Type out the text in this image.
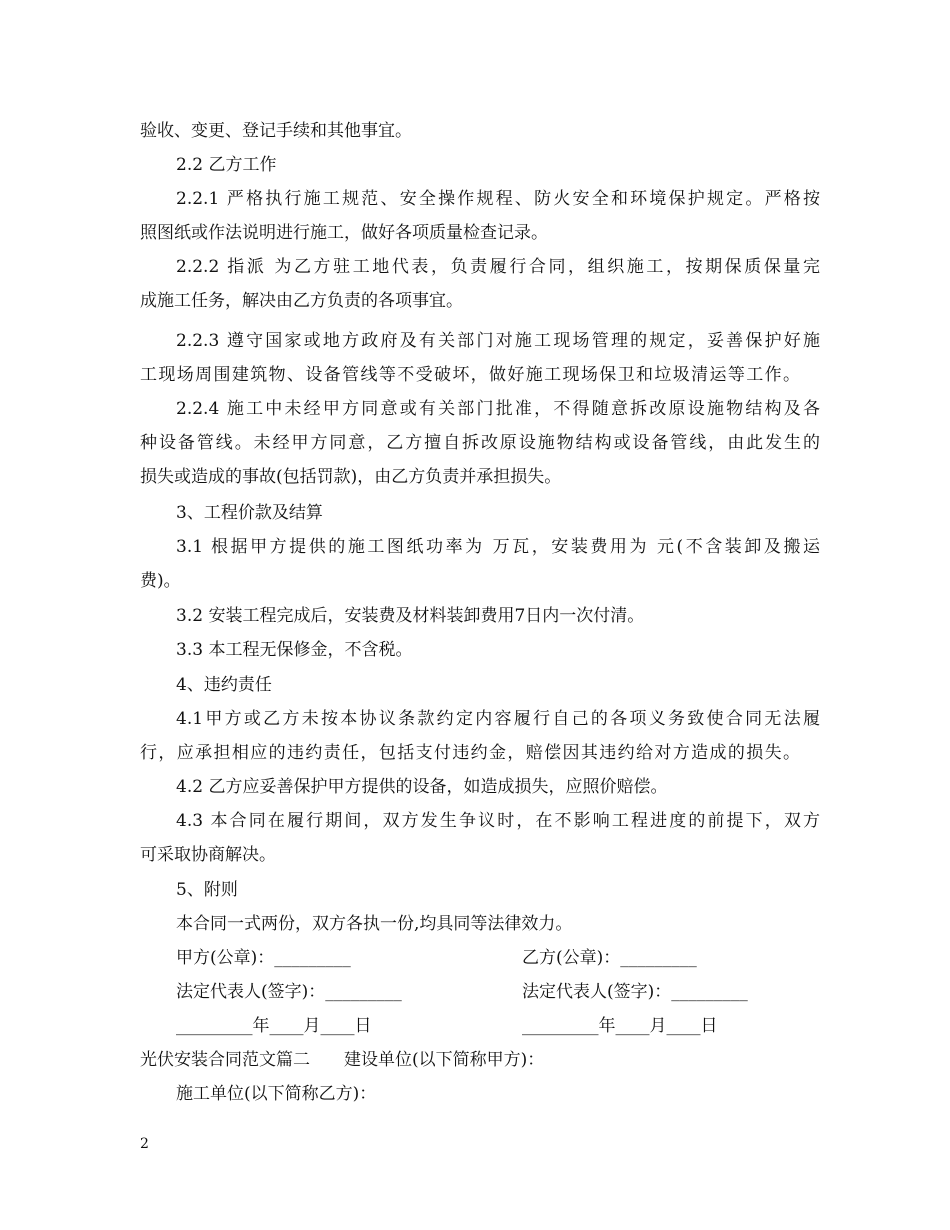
验收、变更、登记手续和其他事宜。
2.2 乙方工作
2.2.1 严格执行施工规范、安全操作规程、防火安全和环境保护规定。严格按
照图纸或作法说明进行施工，做好各项质量检查记录。
2.2.2 指派 为乙方驻工地代表，负责履行合同，组织施工，按期保质保量完
成施工任务，解决由乙方负责的各项事宜。
2.2.3 遵守国家或地方政府及有关部门对施工现场管理的规定，妥善保护好施
工现场周围建筑物、设备管线等不受破坏，做好施工现场保卫和垃圾清运等工作。
2.2.4 施工中未经甲方同意或有关部门批准，不得随意拆改原设施物结构及各
种设备管线。未经甲方同意，乙方擅自拆改原设施物结构或设备管线，由此发生的
损失或造成的事故(包括罚款)，由乙方负责并承担损失。
3、工程价款及结算
3.1 根据甲方提供的施工图纸功率为 万瓦，安装费用为 元(不含装卸及搬运
费)。
3.2 安装工程完成后，安装费及材料装卸费用7日内一次付清。
3.3 本工程无保修金，不含税。
4、违约责任
4.1甲方或乙方未按本协议条款约定内容履行自己的各项义务致使合同无法履
行，应承担相应的违约责任，包括支付违约金，赔偿因其违约给对方造成的损失。
4.2 乙方应妥善保护甲方提供的设备，如造成损失，应照价赔偿。
4.3 本合同在履行期间，双方发生争议时，在不影响工程进度的前提下，双方
可采取协商解决。
5、附则
本合同一式两份，双方各执一份,均具同等法律效力。
甲方(公章)：_________	乙方(公章)：_________
法定代表人(签字)：_________	法定代表人(签字)：_________
_________年____月____日	_________年____月____日
光伏安装合同范文篇二　　建设单位(以下简称甲方)：
施工单位(以下简称乙方)：
2
